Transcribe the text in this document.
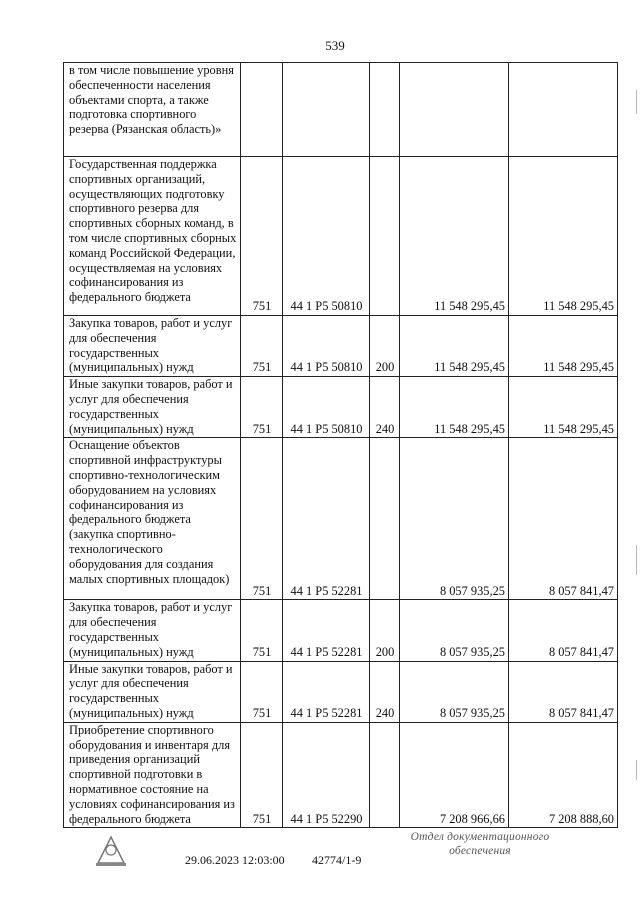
539
в том числе повышение уровня обеспеченности населения объектами спорта, а также подготовка спортивного резерва (Рязанская область)»					
Государственная поддержка спортивных организаций, осуществляющих подготовку спортивного резерва для спортивных сборных команд, в том числе спортивных сборных команд Российской Федерации, осуществляемая на условиях софинансирования из федерального бюджета	751	44 1 Р5 50810		11 548 295,45	11 548 295,45
Закупка товаров, работ и услуг для обеспечения государственных (муниципальных) нужд	751	44 1 Р5 50810	200	11 548 295,45	11 548 295,45
Иные закупки товаров, работ и услуг для обеспечения государственных (муниципальных) нужд	751	44 1 Р5 50810	240	11 548 295,45	11 548 295,45
Оснащение объектов спортивной инфраструктуры спортивно-технологическим оборудованием на условиях софинансирования из федерального бюджета (закупка спортивно-технологического оборудования для создания малых спортивных площадок)	751	44 1 Р5 52281		8 057 935,25	8 057 841,47
Закупка товаров, работ и услуг для обеспечения государственных (муниципальных) нужд	751	44 1 Р5 52281	200	8 057 935,25	8 057 841,47
Иные закупки товаров, работ и услуг для обеспечения государственных (муниципальных) нужд	751	44 1 Р5 52281	240	8 057 935,25	8 057 841,47
Приобретение спортивного оборудования и инвентаря для приведения организаций спортивной подготовки в нормативное состояние на условиях софинансирования из федерального бюджета	751	44 1 Р5 52290		7 208 966,66	7 208 888,60
29.06.2023 12:03:00 42774/1-9
Отдел документационного
обеспечения
